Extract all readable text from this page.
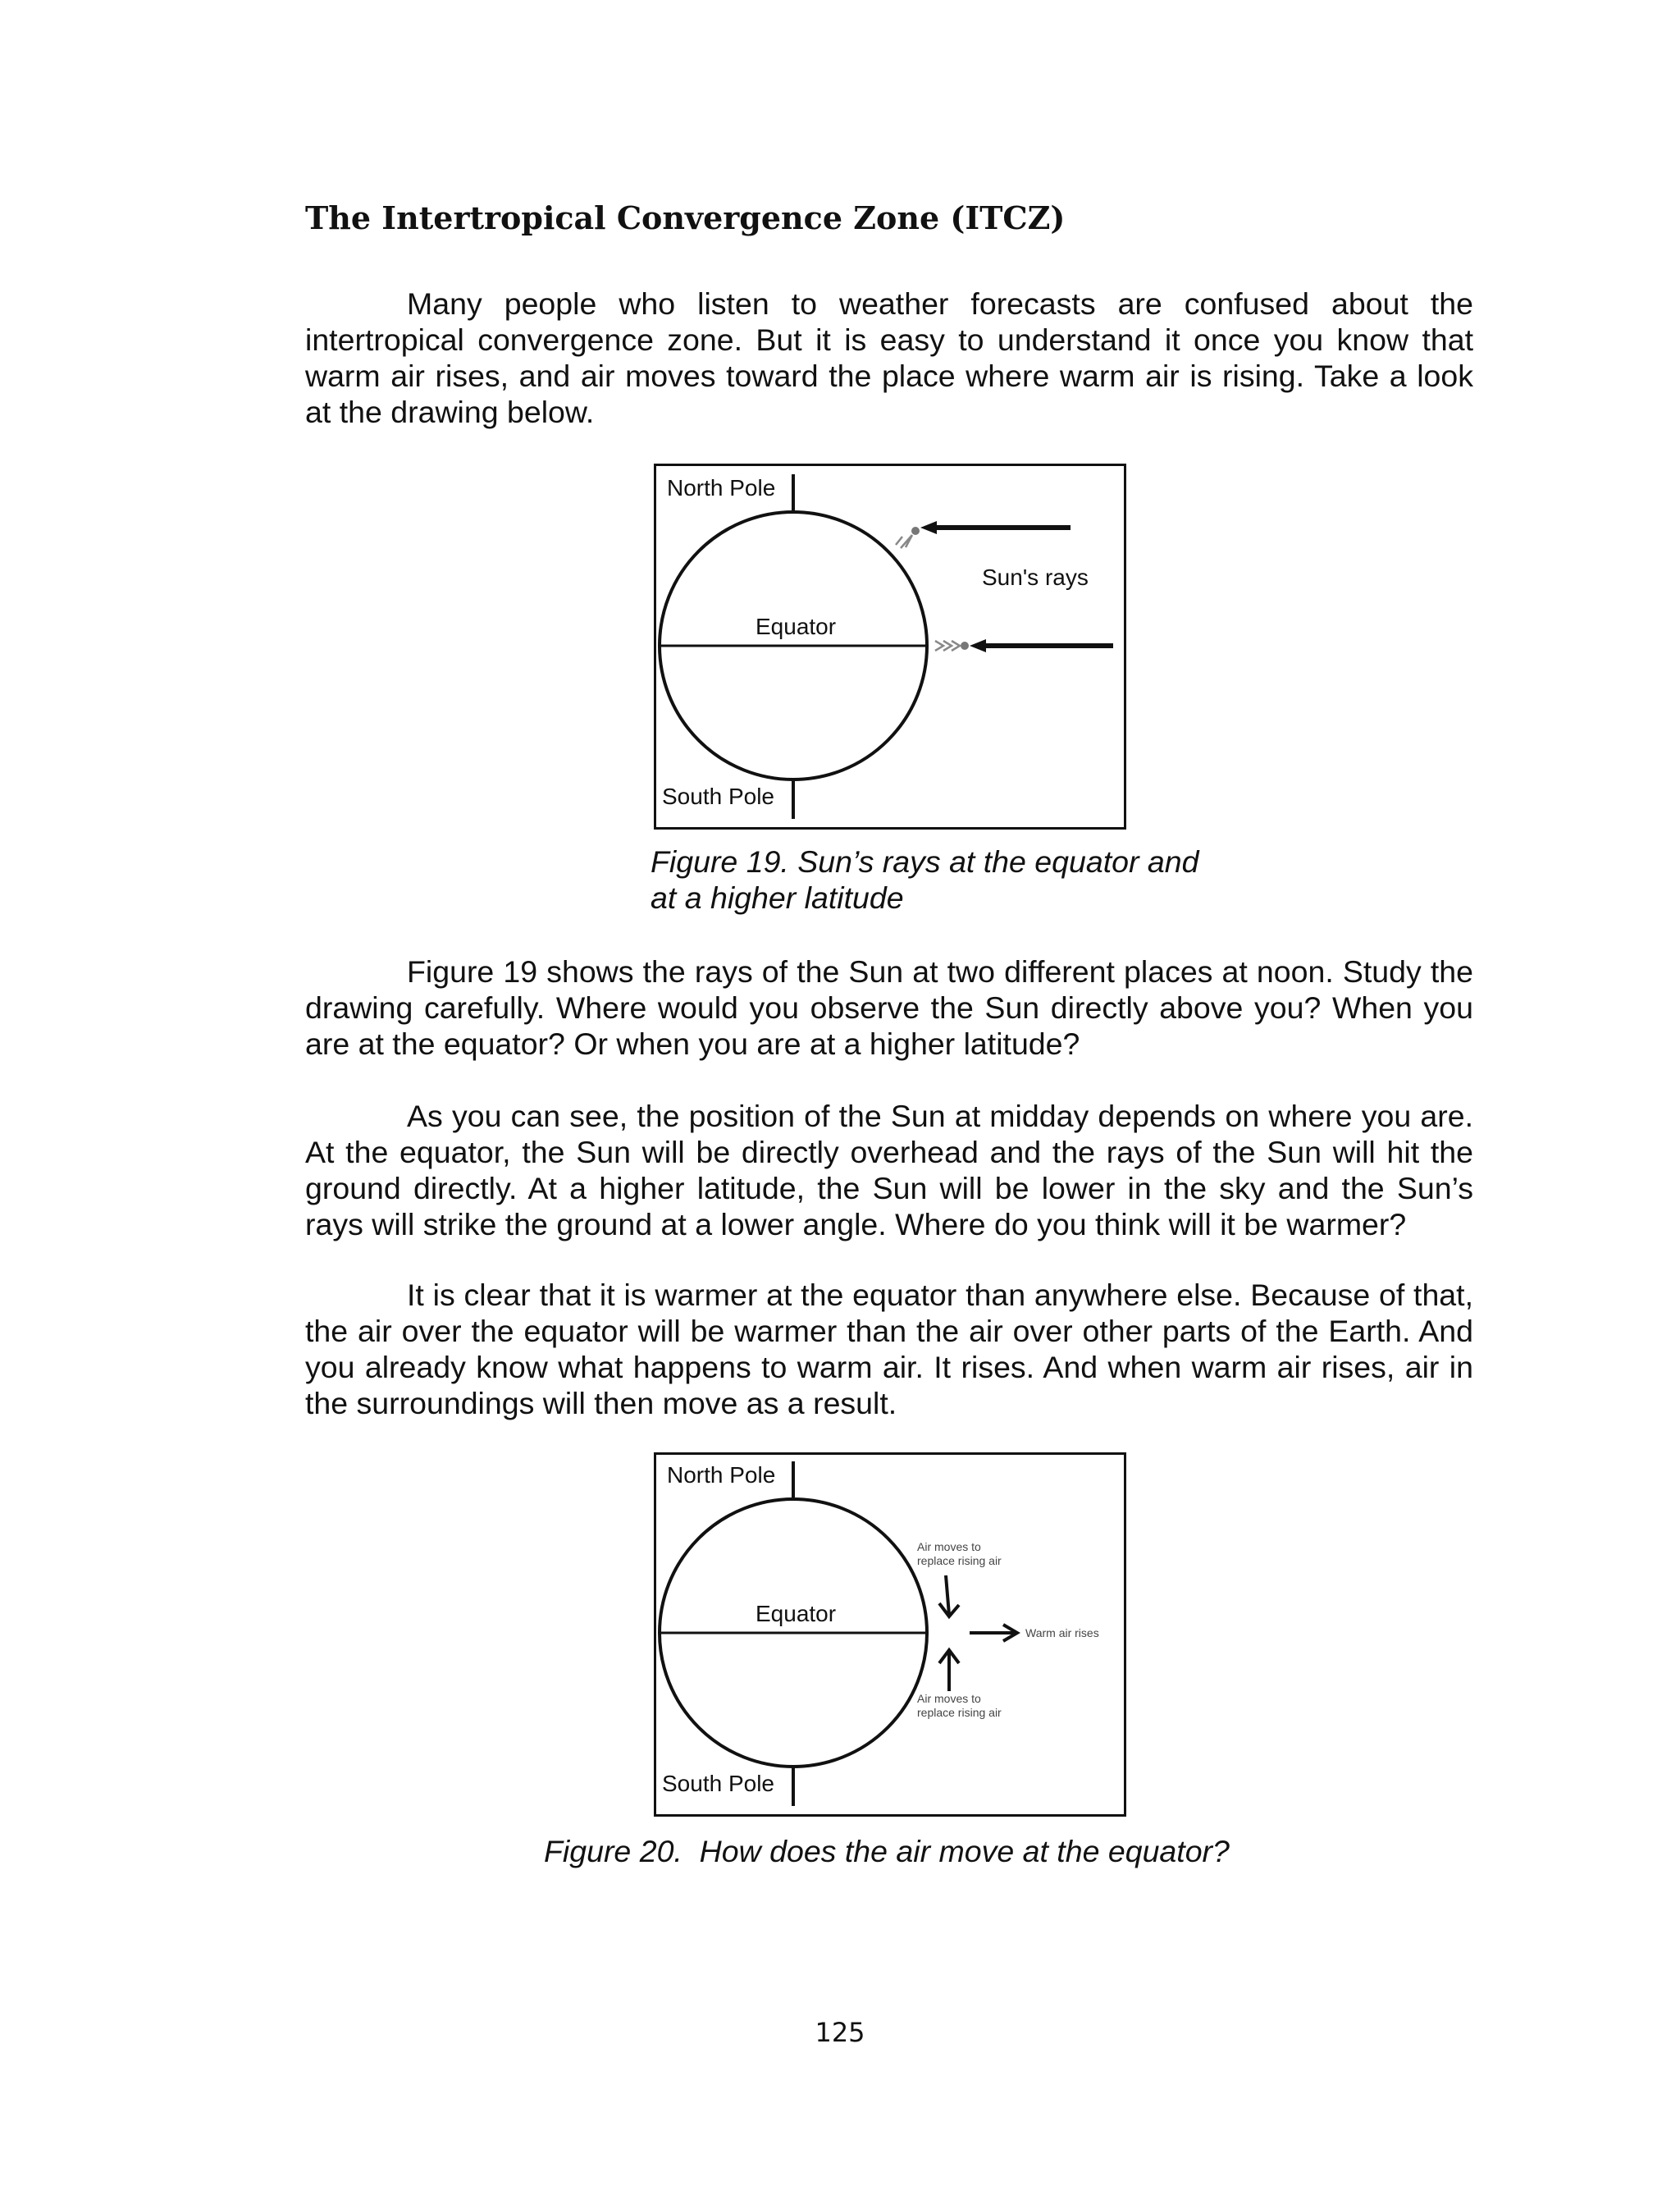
The Intertropical Convergence Zone (ITCZ)

Many people who listen to weather forecasts are confused about the intertropical convergence zone. But it is easy to understand it once you know that warm air rises, and air moves toward the place where warm air is rising. Take a look at the drawing below.

North Pole
South Pole
Equator
Sun's rays

Figure 19. Sun’s rays at the equator and
at a higher latitude

Figure 19 shows the rays of the Sun at two different places at noon. Study the drawing carefully. Where would you observe the Sun directly above you? When you are at the equator? Or when you are at a higher latitude?

As you can see, the position of the Sun at midday depends on where you are. At the equator, the Sun will be directly overhead and the rays of the Sun will hit the ground directly. At a higher latitude, the Sun will be lower in the sky and the Sun’s rays will strike the ground at a lower angle. Where do you think will it be warmer?

It is clear that it is warmer at the equator than anywhere else. Because of that, the air over the equator will be warmer than the air over other parts of the Earth. And you already know what happens to warm air. It rises. And when warm air rises, air in the surroundings will then move as a result.

North Pole
South Pole
Equator
Air moves to
replace rising air
Air moves to
replace rising air
Warm air rises

Figure 20.  How does the air move at the equator?

125
